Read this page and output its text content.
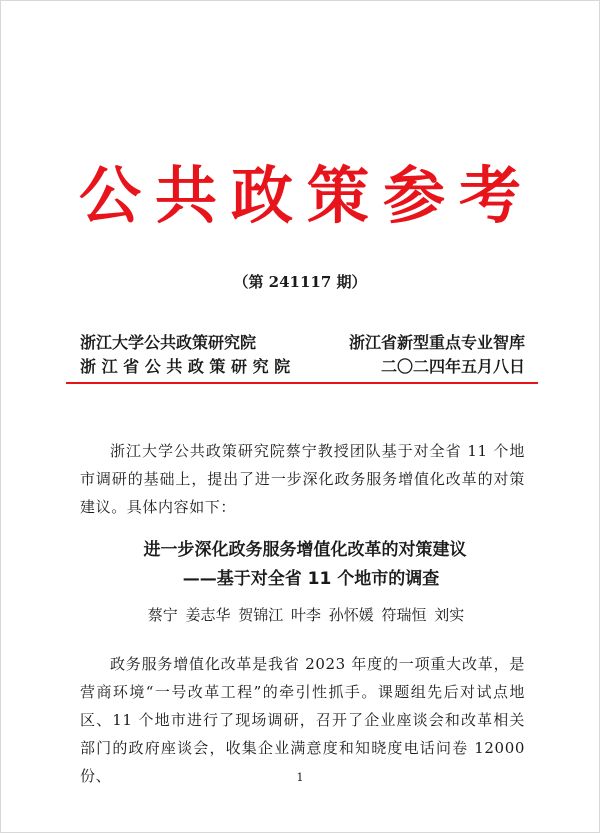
公共政策参考
（第 241117 期）
浙江大学公共政策研究院	浙江省新型重点专业智库
浙 江 省 公 共 政 策 研 究 院	二〇二四年五月八日

浙江大学公共政策研究院蔡宁教授团队基于对全省 11 个地市调研的基础上，提出了进一步深化政务服务增值化改革的对策建议。具体内容如下：

进一步深化政务服务增值化改革的对策建议
——基于对全省 11 个地市的调查
蔡宁 姜志华 贺锦江 叶李 孙怀媛 符瑞恒 刘实

政务服务增值化改革是我省 2023 年度的一项重大改革，是营商环境“一号改革工程”的牵引性抓手。课题组先后对试点地区、11 个地市进行了现场调研，召开了企业座谈会和改革相关部门的政府座谈会，收集企业满意度和知晓度电话问卷 12000 份、	1
